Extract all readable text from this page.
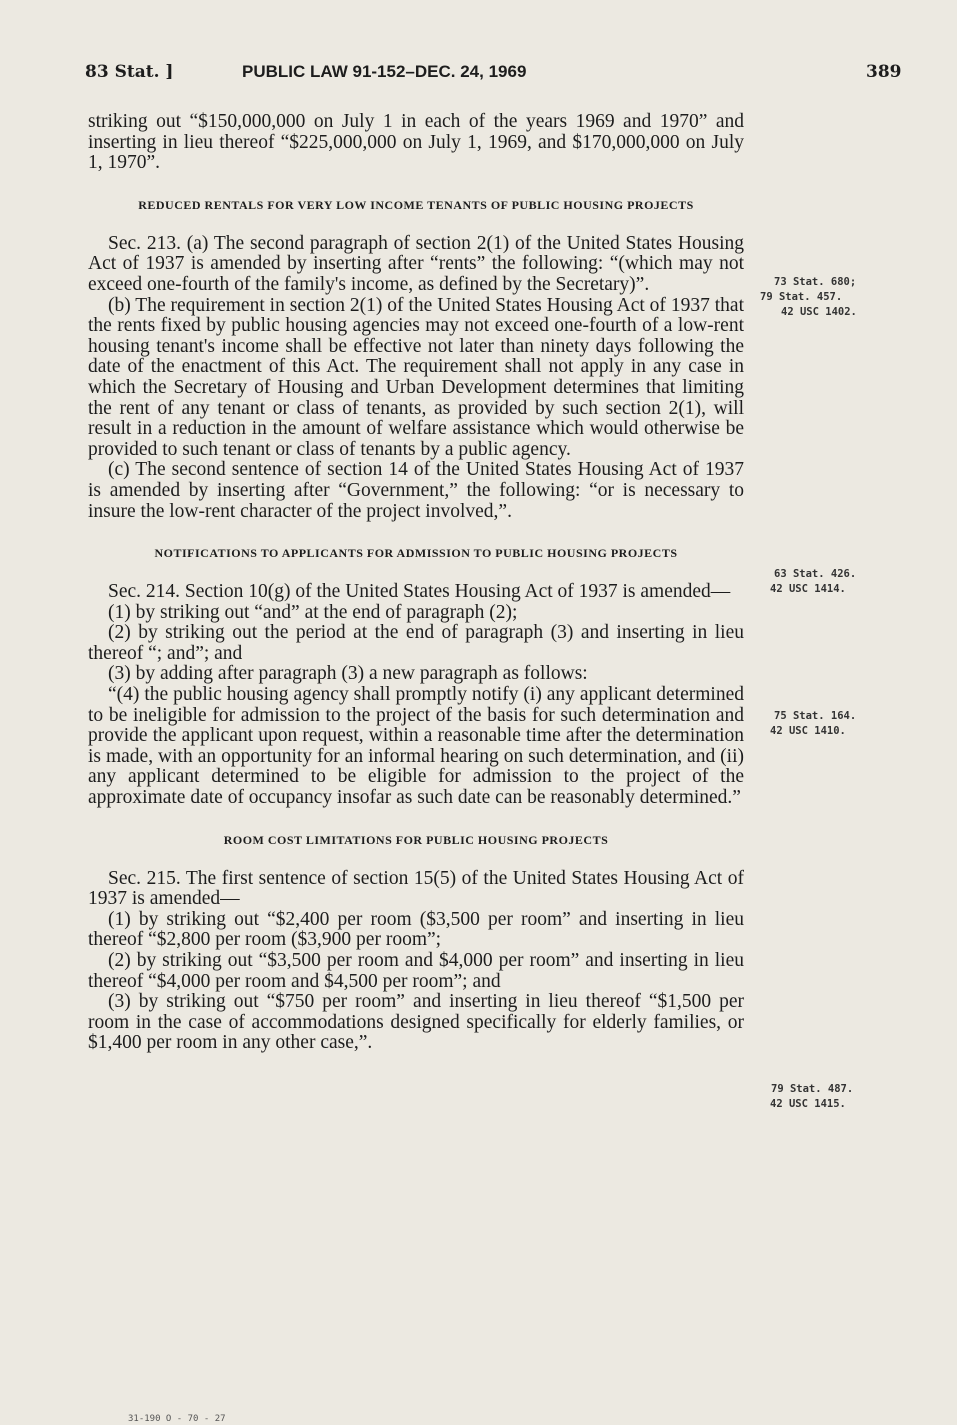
83 Stat. ]	PUBLIC LAW 91-152–DEC. 24, 1969	389

striking out “$150,000,000 on July 1 in each of the years 1969 and 1970” and inserting in lieu thereof “$225,000,000 on July 1, 1969, and $170,000,000 on July 1, 1970”.

REDUCED RENTALS FOR VERY LOW INCOME TENANTS OF PUBLIC HOUSING PROJECTS

Sec. 213. (a) The second paragraph of section 2(1) of the United States Housing Act of 1937 is amended by inserting after “rents” the following: “(which may not exceed one-fourth of the family's income, as defined by the Secretary)”.

(b) The requirement in section 2(1) of the United States Housing Act of 1937 that the rents fixed by public housing agencies may not exceed one-fourth of a low-rent housing tenant's income shall be effective not later than ninety days following the date of the enactment of this Act. The requirement shall not apply in any case in which the Secretary of Housing and Urban Development determines that limiting the rent of any tenant or class of tenants, as provided by such section 2(1), will result in a reduction in the amount of welfare assistance which would otherwise be provided to such tenant or class of tenants by a public agency.

(c) The second sentence of section 14 of the United States Housing Act of 1937 is amended by inserting after “Government,” the following: “or is necessary to insure the low-rent character of the project involved,”.

NOTIFICATIONS TO APPLICANTS FOR ADMISSION TO PUBLIC HOUSING PROJECTS

Sec. 214. Section 10(g) of the United States Housing Act of 1937 is amended—

(1) by striking out “and” at the end of paragraph (2);

(2) by striking out the period at the end of paragraph (3) and inserting in lieu thereof “; and”; and

(3) by adding after paragraph (3) a new paragraph as follows:

“(4) the public housing agency shall promptly notify (i) any applicant determined to be ineligible for admission to the project of the basis for such determination and provide the applicant upon request, within a reasonable time after the determination is made, with an opportunity for an informal hearing on such determination, and (ii) any applicant determined to be eligible for admission to the project of the approximate date of occupancy insofar as such date can be reasonably determined.”

ROOM COST LIMITATIONS FOR PUBLIC HOUSING PROJECTS

Sec. 215. The first sentence of section 15(5) of the United States Housing Act of 1937 is amended—

(1) by striking out “$2,400 per room ($3,500 per room” and inserting in lieu thereof “$2,800 per room ($3,900 per room”;

(2) by striking out “$3,500 per room and $4,000 per room” and inserting in lieu thereof “$4,000 per room and $4,500 per room”; and

(3) by striking out “$750 per room” and inserting in lieu thereof “$1,500 per room in the case of accommodations designed specifically for elderly families, or $1,400 per room in any other case,”.

73 Stat. 680;
79 Stat. 457.
42 USC 1402.
63 Stat. 426.
42 USC 1414.
75 Stat. 164.
42 USC 1410.
79 Stat. 487.
42 USC 1415.
31-190 O - 70 - 27
